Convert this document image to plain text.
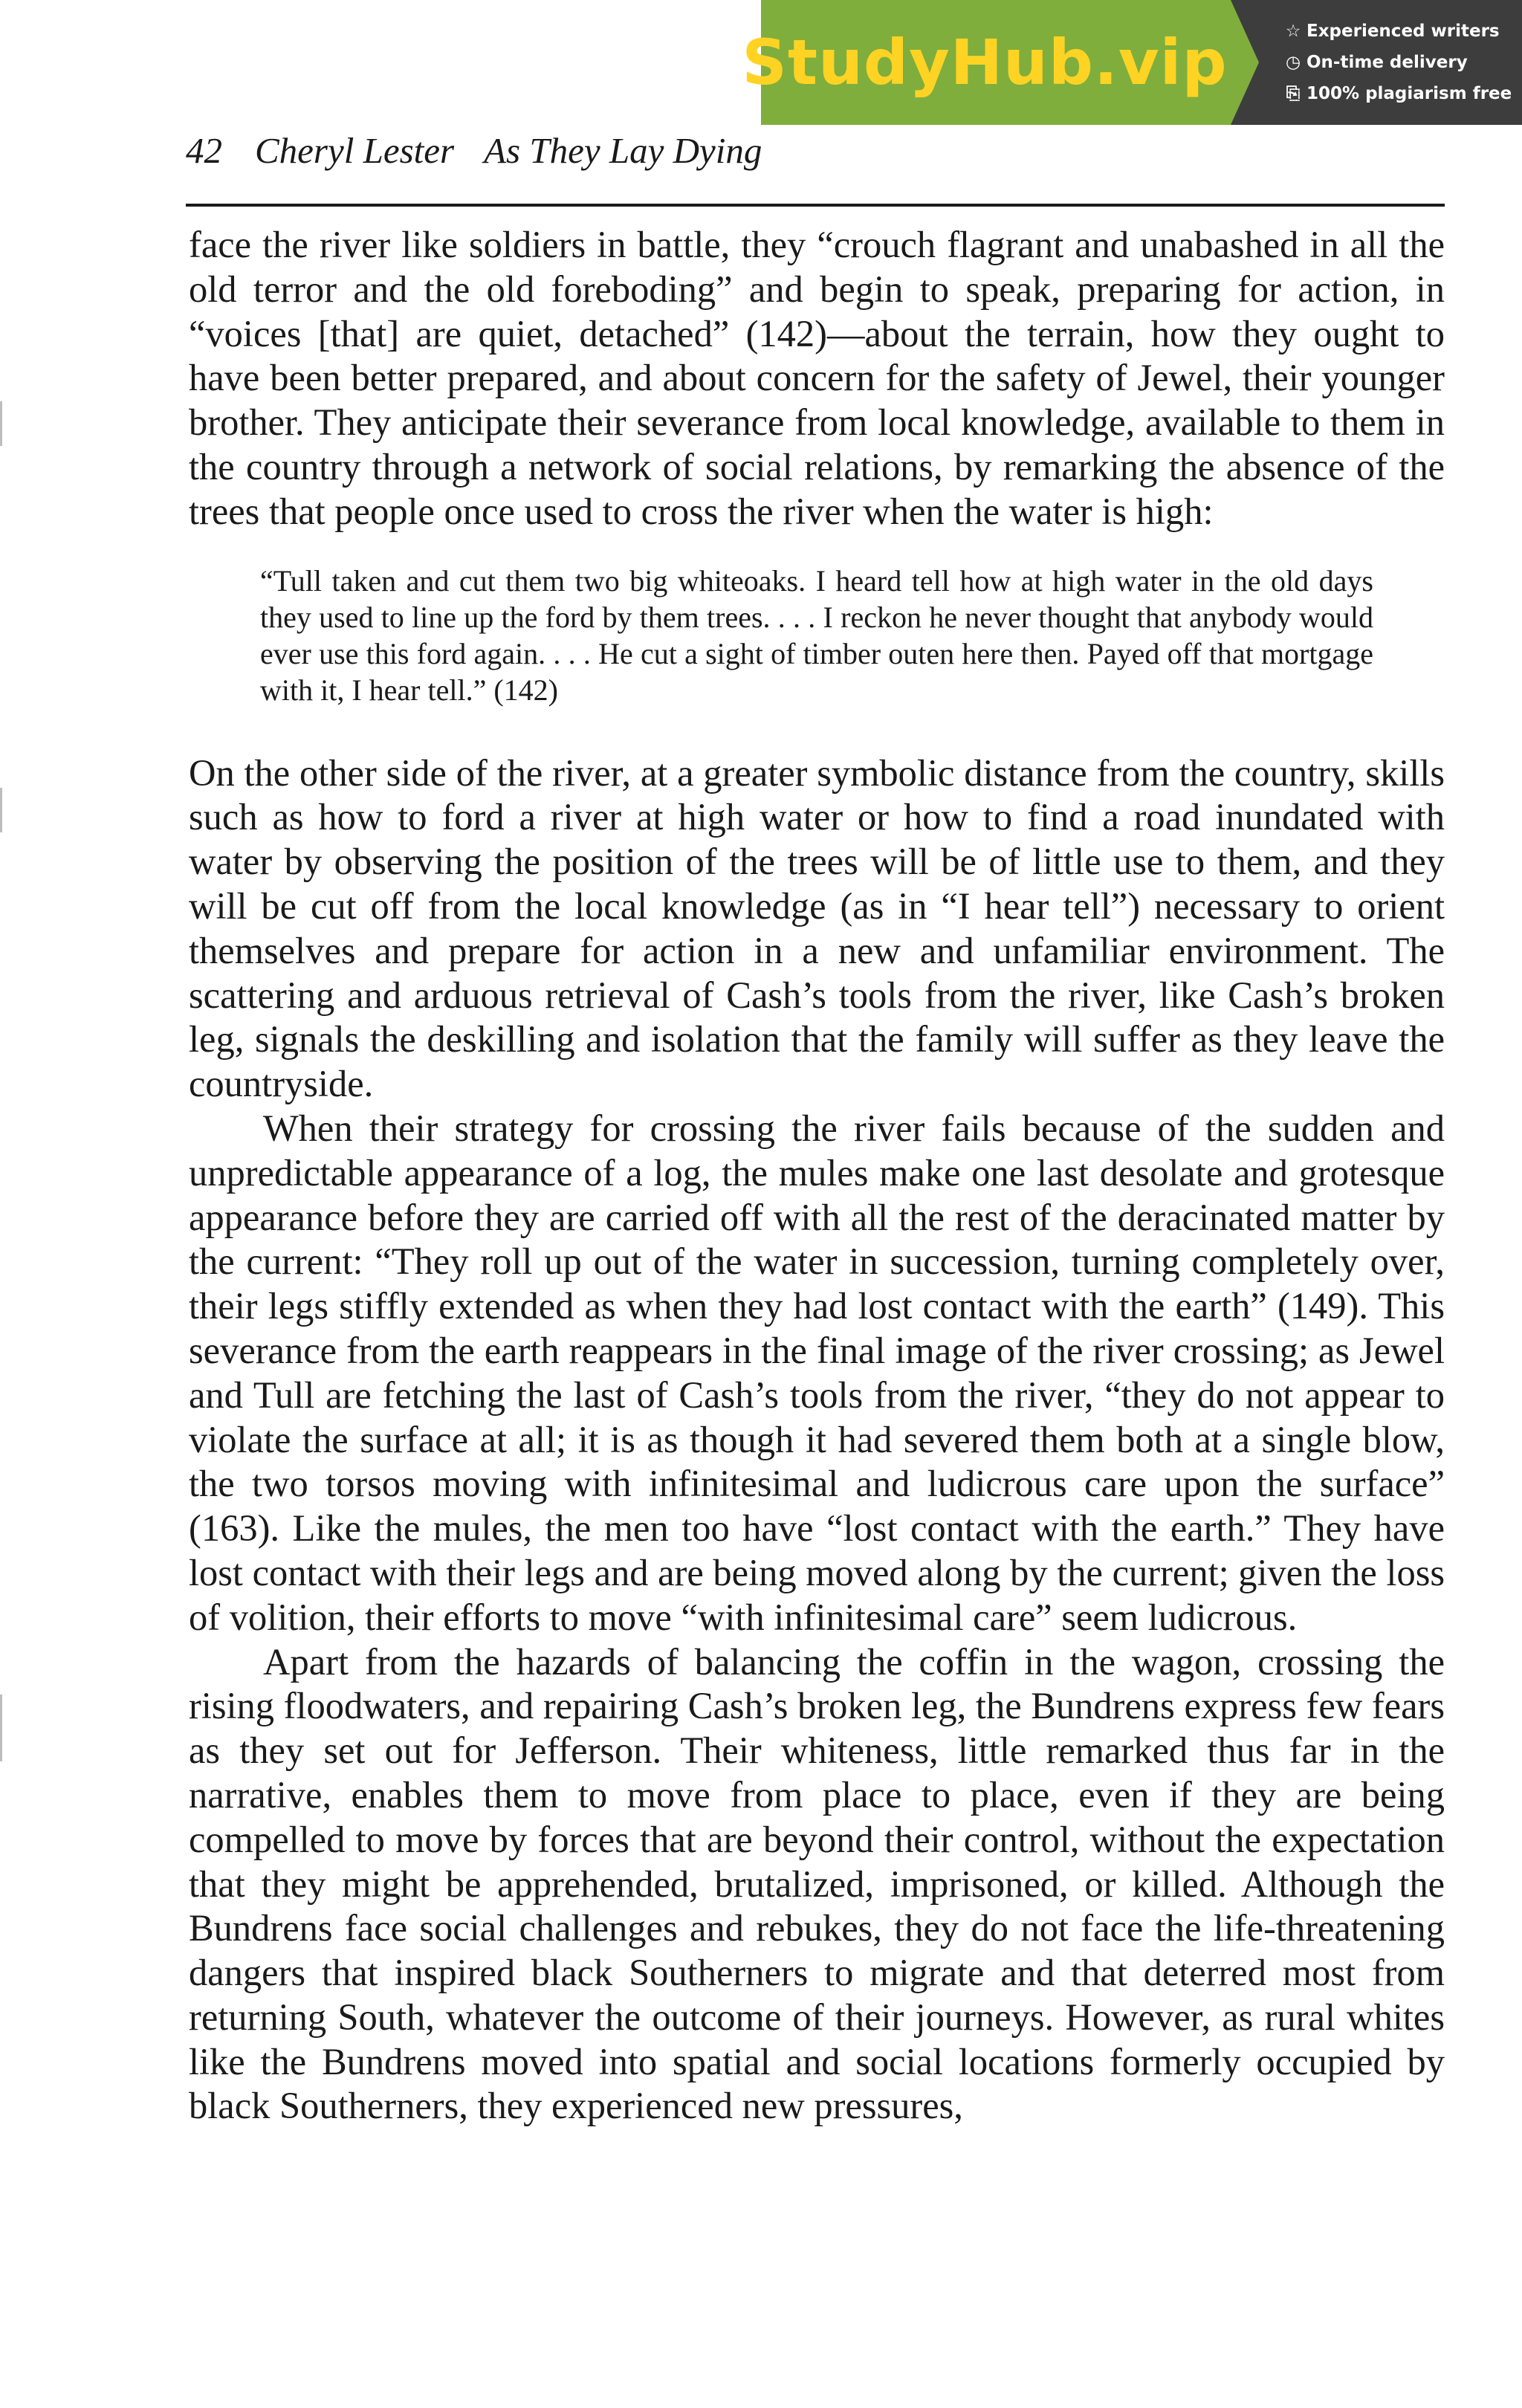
StudyHub.vip	☆ Experienced writers
◷ On-time delivery
⎘ 100% plagiarism free
42 Cheryl Lester As They Lay Dying

face the river like soldiers in battle, they “crouch flagrant and unabashed in all the old terror and the old foreboding” and begin to speak, preparing for action, in “voices [that] are quiet, detached” (142)—about the terrain, how they ought to have been better prepared, and about concern for the safety of Jewel, their younger brother. They anticipate their severance from local knowledge, available to them in the country through a network of social relations, by remarking the absence of the trees that people once used to cross the river when the water is high:

“Tull taken and cut them two big whiteoaks. I heard tell how at high water in the old days they used to line up the ford by them trees. . . . I reckon he never thought that anybody would ever use this ford again. . . . He cut a sight of timber outen here then. Payed off that mortgage with it, I hear tell.” (142)

On the other side of the river, at a greater symbolic distance from the country, skills such as how to ford a river at high water or how to find a road inundated with water by observing the position of the trees will be of little use to them, and they will be cut off from the local knowledge (as in “I hear tell”) necessary to orient themselves and prepare for action in a new and unfamiliar environment. The scattering and arduous retrieval of Cash’s tools from the river, like Cash’s broken leg, signals the deskilling and isolation that the family will suffer as they leave the countryside.

When their strategy for crossing the river fails because of the sudden and unpredictable appearance of a log, the mules make one last desolate and grotesque appearance before they are carried off with all the rest of the deracinated matter by the current: “They roll up out of the water in succession, turning completely over, their legs stiffly extended as when they had lost contact with the earth” (149). This severance from the earth reappears in the final image of the river crossing; as Jewel and Tull are fetching the last of Cash’s tools from the river, “they do not appear to violate the surface at all; it is as though it had severed them both at a single blow, the two torsos moving with infinitesimal and ludicrous care upon the surface” (163). Like the mules, the men too have “lost contact with the earth.” They have lost contact with their legs and are being moved along by the current; given the loss of volition, their efforts to move “with infinitesimal care” seem ludicrous.

Apart from the hazards of balancing the coffin in the wagon, crossing the rising floodwaters, and repairing Cash’s broken leg, the Bundrens express few fears as they set out for Jefferson. Their whiteness, little remarked thus far in the narrative, enables them to move from place to place, even if they are being compelled to move by forces that are beyond their control, without the expectation that they might be apprehended, brutalized, imprisoned, or killed. Although the Bundrens face social challenges and rebukes, they do not face the life-threatening dangers that inspired black Southerners to migrate and that deterred most from returning South, whatever the outcome of their journeys. However, as rural whites like the Bundrens moved into spatial and social locations formerly occupied by black Southerners, they experienced new pressures,
